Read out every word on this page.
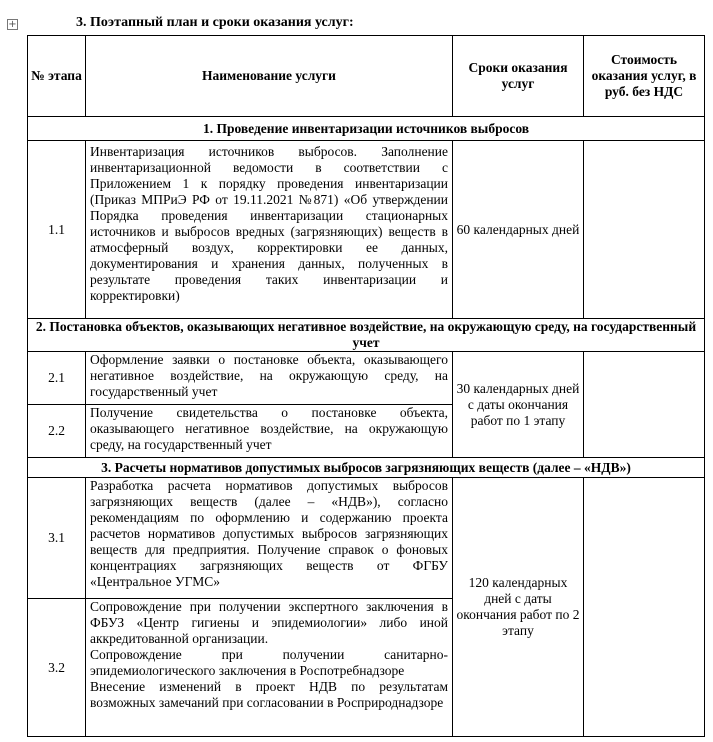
+	3. Поэтапный план и сроки оказания услуг:
№ этапа	Наименование услуги	Сроки оказания услуг	Стоимость оказания услуг, в руб. без НДС
1. Проведение инвентаризации источников выбросов			
1.1	Инвентаризация источников выбросов. Заполнение инвентаризационной ведомости в соответствии с Приложением 1 к порядку проведения инвентаризации (Приказ МПРиЭ РФ от 19.11.2021 №871) «Об утверждении Порядка проведения инвентаризации стационарных источников и выбросов вредных (загрязняющих) веществ в атмосферный воздух, корректировки ее данных, документирования и хранения данных, полученных в результате проведения таких инвентаризации и корректировки)	60 календарных дней	
2. Постановка объектов, оказывающих негативное воздействие, на окружающую среду, на государственный учет			
2.1	Оформление заявки о постановке объекта, оказывающего негативное воздействие, на окружающую среду, на государственный учет	30 календарных дней с даты окончания работ по 1 этапу	
2.2	Получение свидетельства о постановке объекта, оказывающего негативное воздействие, на окружающую среду, на государственный учет		

3. Расчеты нормативов допустимых выбросов загрязняющих веществ (далее – «НДВ»)			
3.1	Разработка расчета нормативов допустимых выбросов загрязняющих веществ (далее – «НДВ»), согласно рекомендациям по оформлению и содержанию проекта расчетов нормативов допустимых выбросов загрязняющих веществ для предприятия. Получение справок о фоновых концентрациях загрязняющих веществ от ФГБУ «Центральное УГМС»	120 календарных дней с даты окончания работ по 2 этапу	
3.2	Сопровождение при получении экспертного заключения в ФБУЗ «Центр гигиены и эпидемиологии» либо иной аккредитованной организации.
Сопровождение при получении санитарно-эпидемиологического заключения в Роспотребнадзоре
Внесение изменений в проект НДВ по результатам возможных замечаний при согласовании в Росприроднадзоре		
